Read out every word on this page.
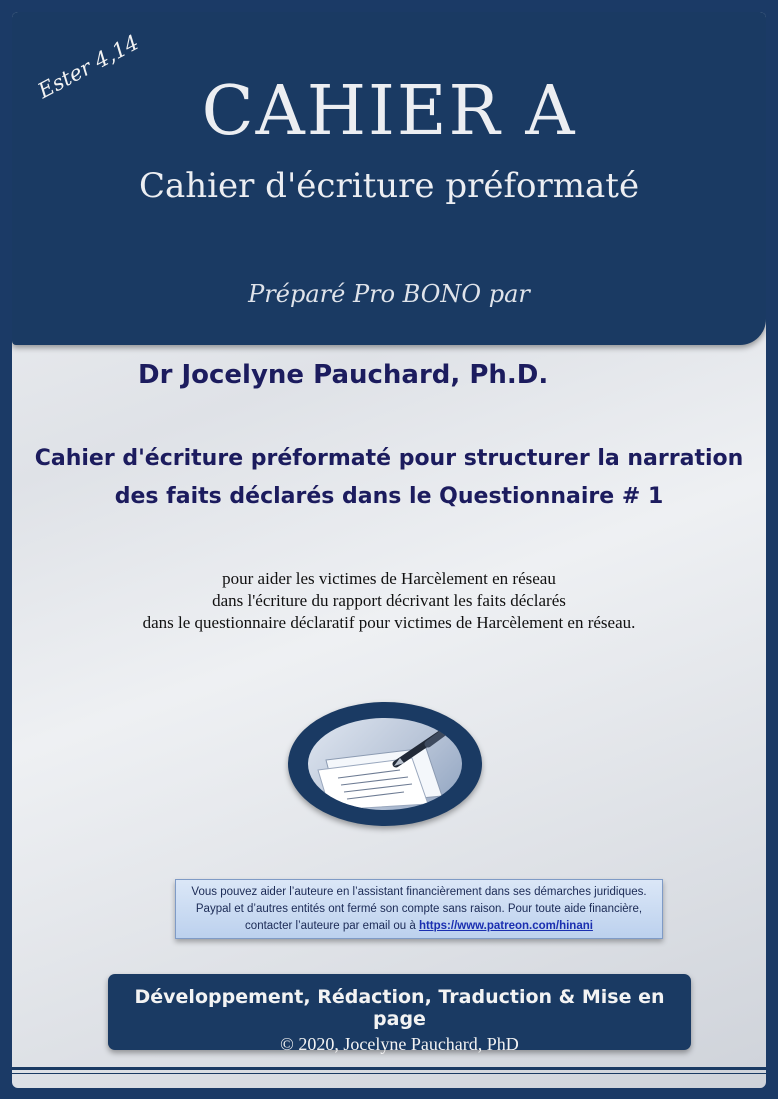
Ester 4,14
CAHIER A
Cahier d'écriture préformaté
Préparé Pro BONO par
Dr Jocelyne Pauchard, Ph.D.
Cahier d'écriture préformaté pour structurer la narration
des faits déclarés dans le Questionnaire # 1
pour aider les victimes de Harcèlement en réseau
dans l'écriture du rapport décrivant les faits déclarés
dans le questionnaire déclaratif pour victimes de Harcèlement en réseau.
Vous pouvez aider l’auteure en l’assistant financièrement dans ses démarches juridiques.
Paypal et d’autres entités ont fermé son compte sans raison. Pour toute aide financière,
contacter l’auteure par email ou à https://www.patreon.com/hinani
Développement, Rédaction, Traduction & Mise en page
© 2020, Jocelyne Pauchard, PhD
